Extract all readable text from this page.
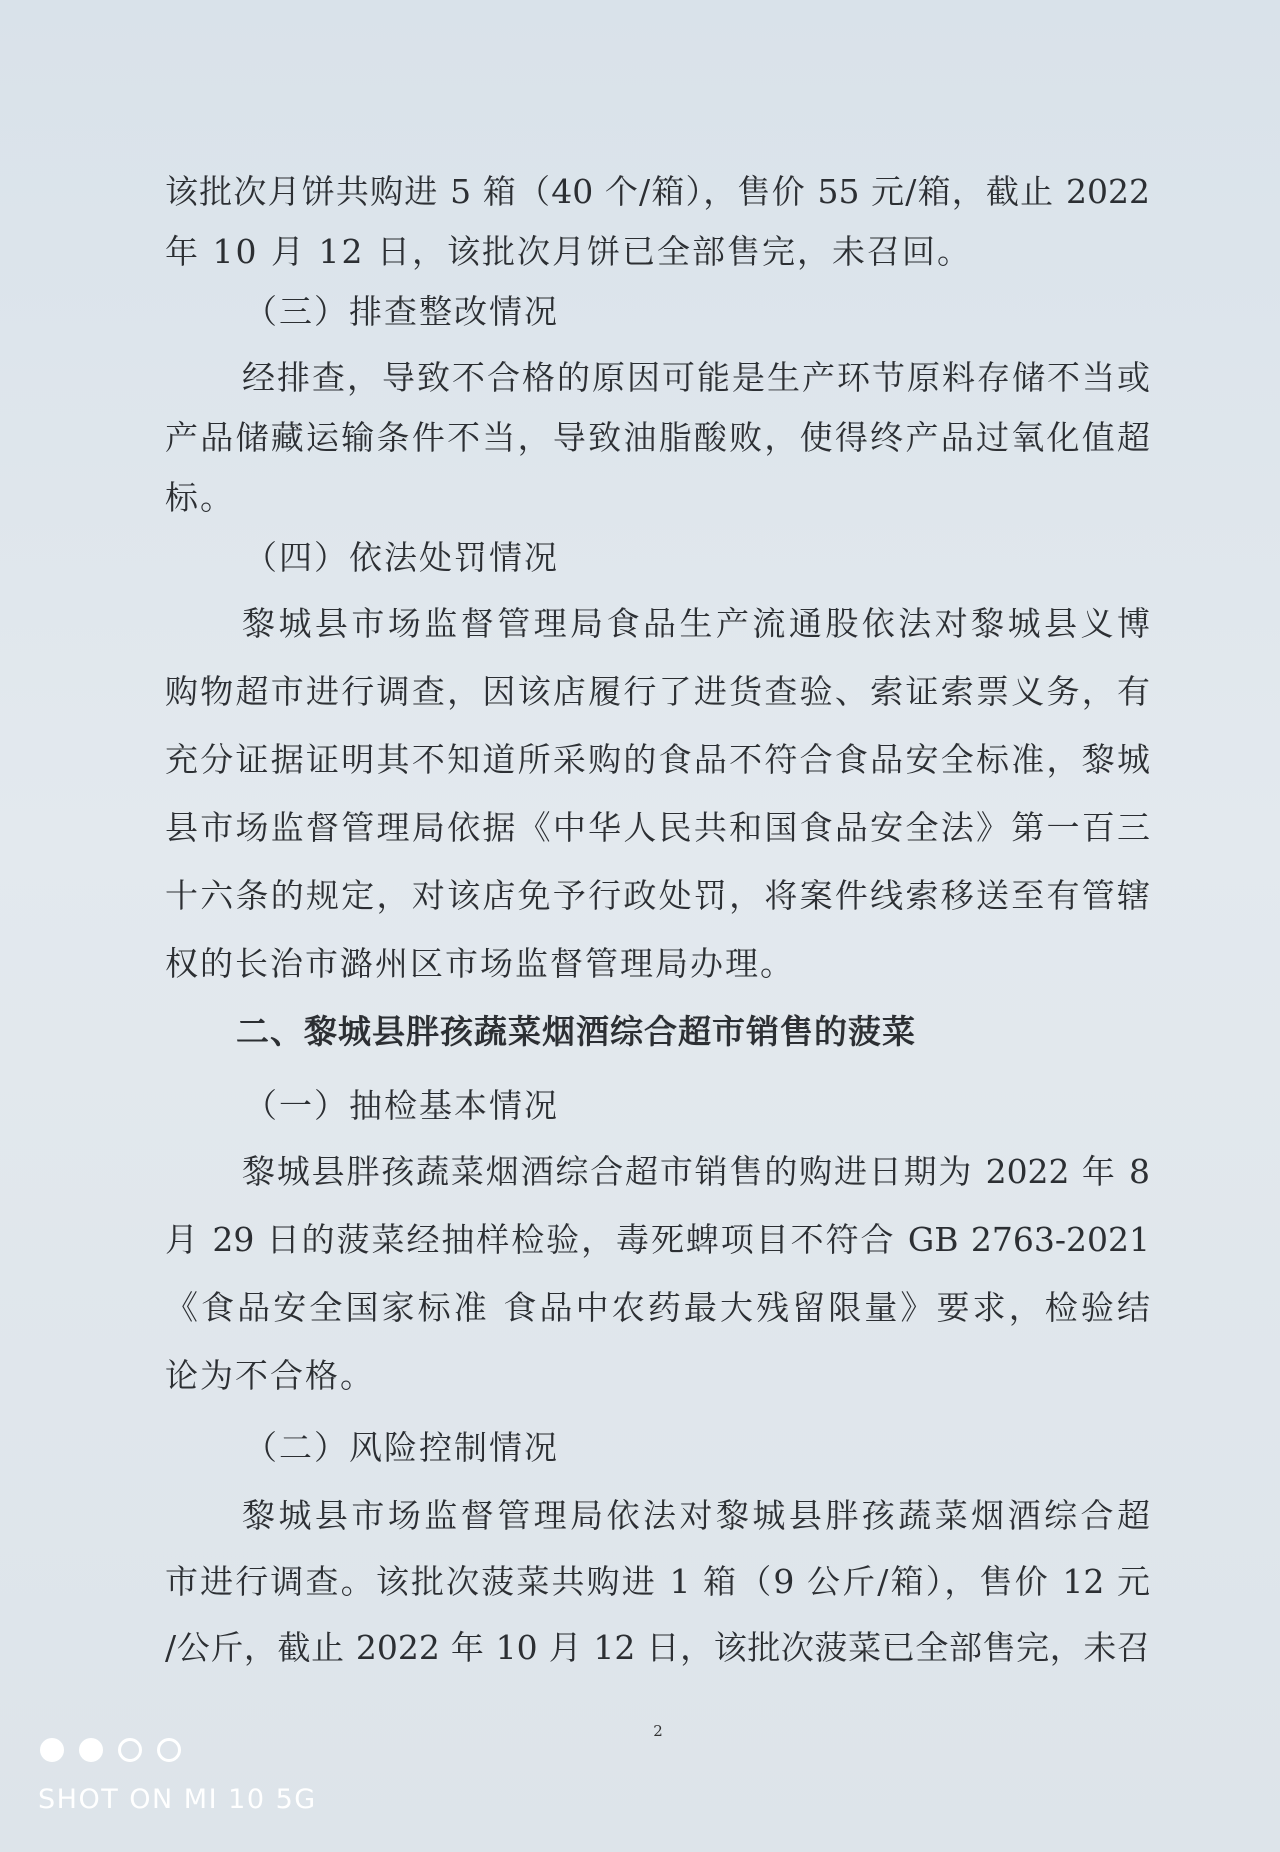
该批次月饼共购进 5 箱（40 个/箱），售价 55 元/箱，截止 2022
年 10 月 12 日，该批次月饼已全部售完，未召回。
（三）排查整改情况
经排查，导致不合格的原因可能是生产环节原料存储不当或
产品储藏运输条件不当，导致油脂酸败，使得终产品过氧化值超
标。
（四）依法处罚情况
黎城县市场监督管理局食品生产流通股依法对黎城县义博
购物超市进行调查，因该店履行了进货查验、索证索票义务，有
充分证据证明其不知道所采购的食品不符合食品安全标准，黎城
县市场监督管理局依据《中华人民共和国食品安全法》第一百三
十六条的规定，对该店免予行政处罚，将案件线索移送至有管辖
权的长治市潞州区市场监督管理局办理。
二、黎城县胖孩蔬菜烟酒综合超市销售的菠菜
（一）抽检基本情况
黎城县胖孩蔬菜烟酒综合超市销售的购进日期为 2022 年 8
月 29 日的菠菜经抽样检验，毒死蜱项目不符合 GB 2763-2021
《食品安全国家标准 食品中农药最大残留限量》要求，检验结
论为不合格。
（二）风险控制情况
黎城县市场监督管理局依法对黎城县胖孩蔬菜烟酒综合超
市进行调查。该批次菠菜共购进 1 箱（9 公斤/箱），售价 12 元
/公斤，截止 2022 年 10 月 12 日，该批次菠菜已全部售完，未召
2
SHOT ON MI 10 5G
